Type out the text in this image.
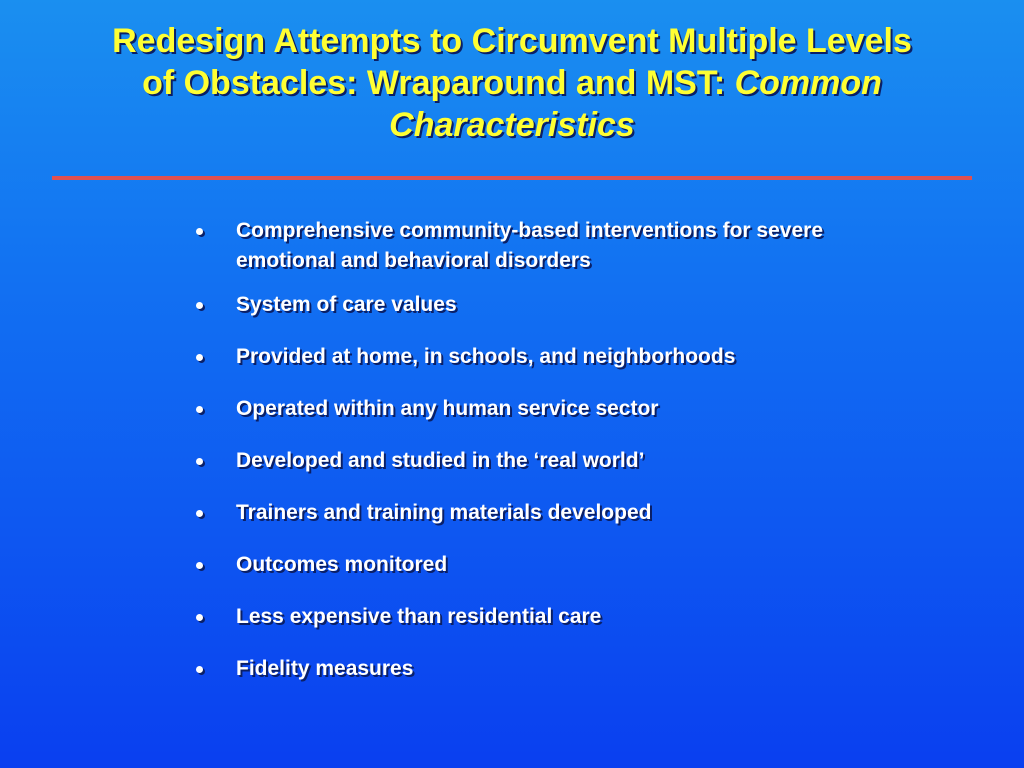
Redesign Attempts to Circumvent Multiple Levels
of Obstacles: Wraparound and MST: Common
Characteristics
Comprehensive community-based interventions for severe emotional and behavioral disorders
System of care values
Provided at home, in schools, and neighborhoods
Operated within any human service sector
Developed and studied in the ‘real world’
Trainers and training materials developed
Outcomes monitored
Less expensive than residential care
Fidelity measures
